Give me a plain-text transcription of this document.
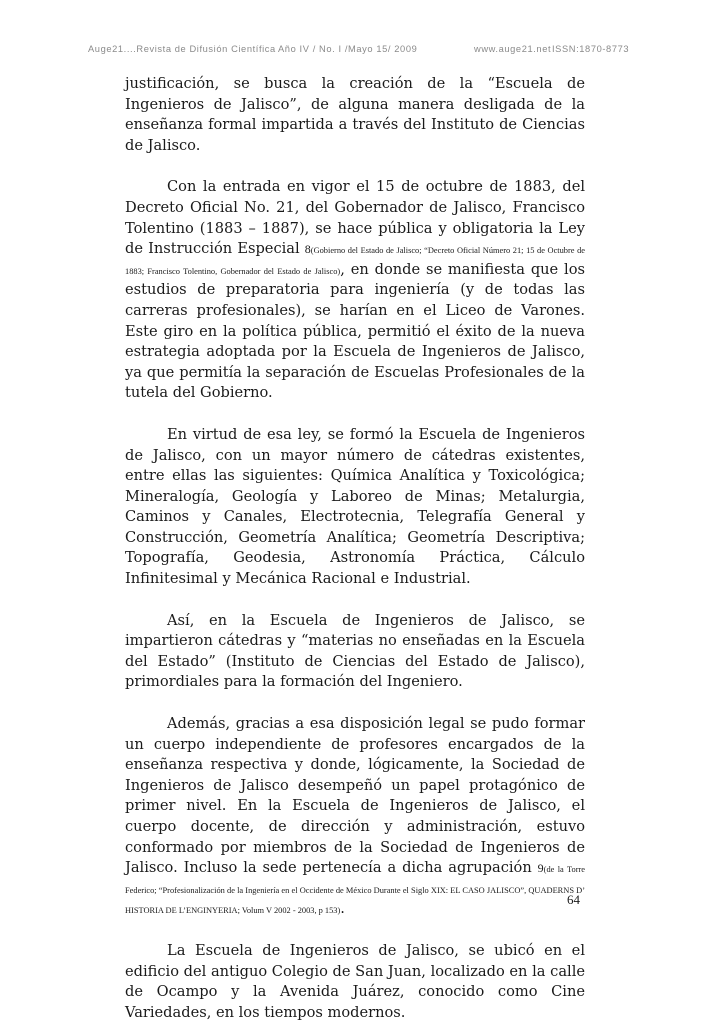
Auge21....Revista de Difusión Científica Año IV / No. I /Mayo 15/ 2009	www.auge21.net ISSN:1870-8773

justificación, se busca la creación de la “Escuela de Ingenieros de Jalisco”, de alguna manera desligada de la enseñanza formal impartida a través del Instituto de Ciencias de Jalisco.

Con la entrada en vigor el 15 de octubre de 1883, del Decreto Oficial No. 21, del Gobernador de Jalisco, Francisco Tolentino (1883 – 1887), se hace pública y obligatoria la Ley de Instrucción Especial 8(Gobierno del Estado de Jalisco; “Decreto Oficial Número 21; 15 de Octubre de 1883; Francisco Tolentino, Gobernador del Estado de Jalisco), en donde se manifiesta que los estudios de preparatoria para ingeniería (y de todas las carreras profesionales), se harían en el Liceo de Varones. Este giro en la política pública, permitió el éxito de la nueva estrategia adoptada por la Escuela de Ingenieros de Jalisco, ya que permitía la separación de Escuelas Profesionales de la tutela del Gobierno.

En virtud de esa ley, se formó la Escuela de Ingenieros de Jalisco, con un mayor número de cátedras existentes, entre ellas las siguientes: Química Analítica y Toxicológica; Mineralogía, Geología y Laboreo de Minas; Metalurgia, Caminos y Canales, Electrotecnia, Telegrafía General y Construcción, Geometría Analítica; Geometría Descriptiva; Topografía, Geodesia, Astronomía Práctica, Cálculo Infinitesimal y Mecánica Racional e Industrial.

Así, en la Escuela de Ingenieros de Jalisco, se impartieron cátedras y “materias no enseñadas en la Escuela del Estado” (Instituto de Ciencias del Estado de Jalisco), primordiales para la formación del Ingeniero.

Además, gracias a esa disposición legal se pudo formar un cuerpo independiente de profesores encargados de la enseñanza respectiva y donde, lógicamente, la Sociedad de Ingenieros de Jalisco desempeñó un papel protagónico de primer nivel. En la Escuela de Ingenieros de Jalisco, el cuerpo docente, de dirección y administración, estuvo conformado por miembros de la Sociedad de Ingenieros de Jalisco. Incluso la sede pertenecía a dicha agrupación 9(de la Torre Federico; “Profesionalización de la Ingeniería en el Occidente de México Durante el Siglo XIX: EL CASO JALISCO”, QUADERNS D’ HISTORIA DE L’ENGINYERIA; Volum V 2002 - 2003, p 153).

La Escuela de Ingenieros de Jalisco, se ubicó en el edificio del antiguo Colegio de San Juan, localizado en la calle de Ocampo y la Avenida Juárez, conocido como Cine Variedades, en los tiempos modernos.

64
